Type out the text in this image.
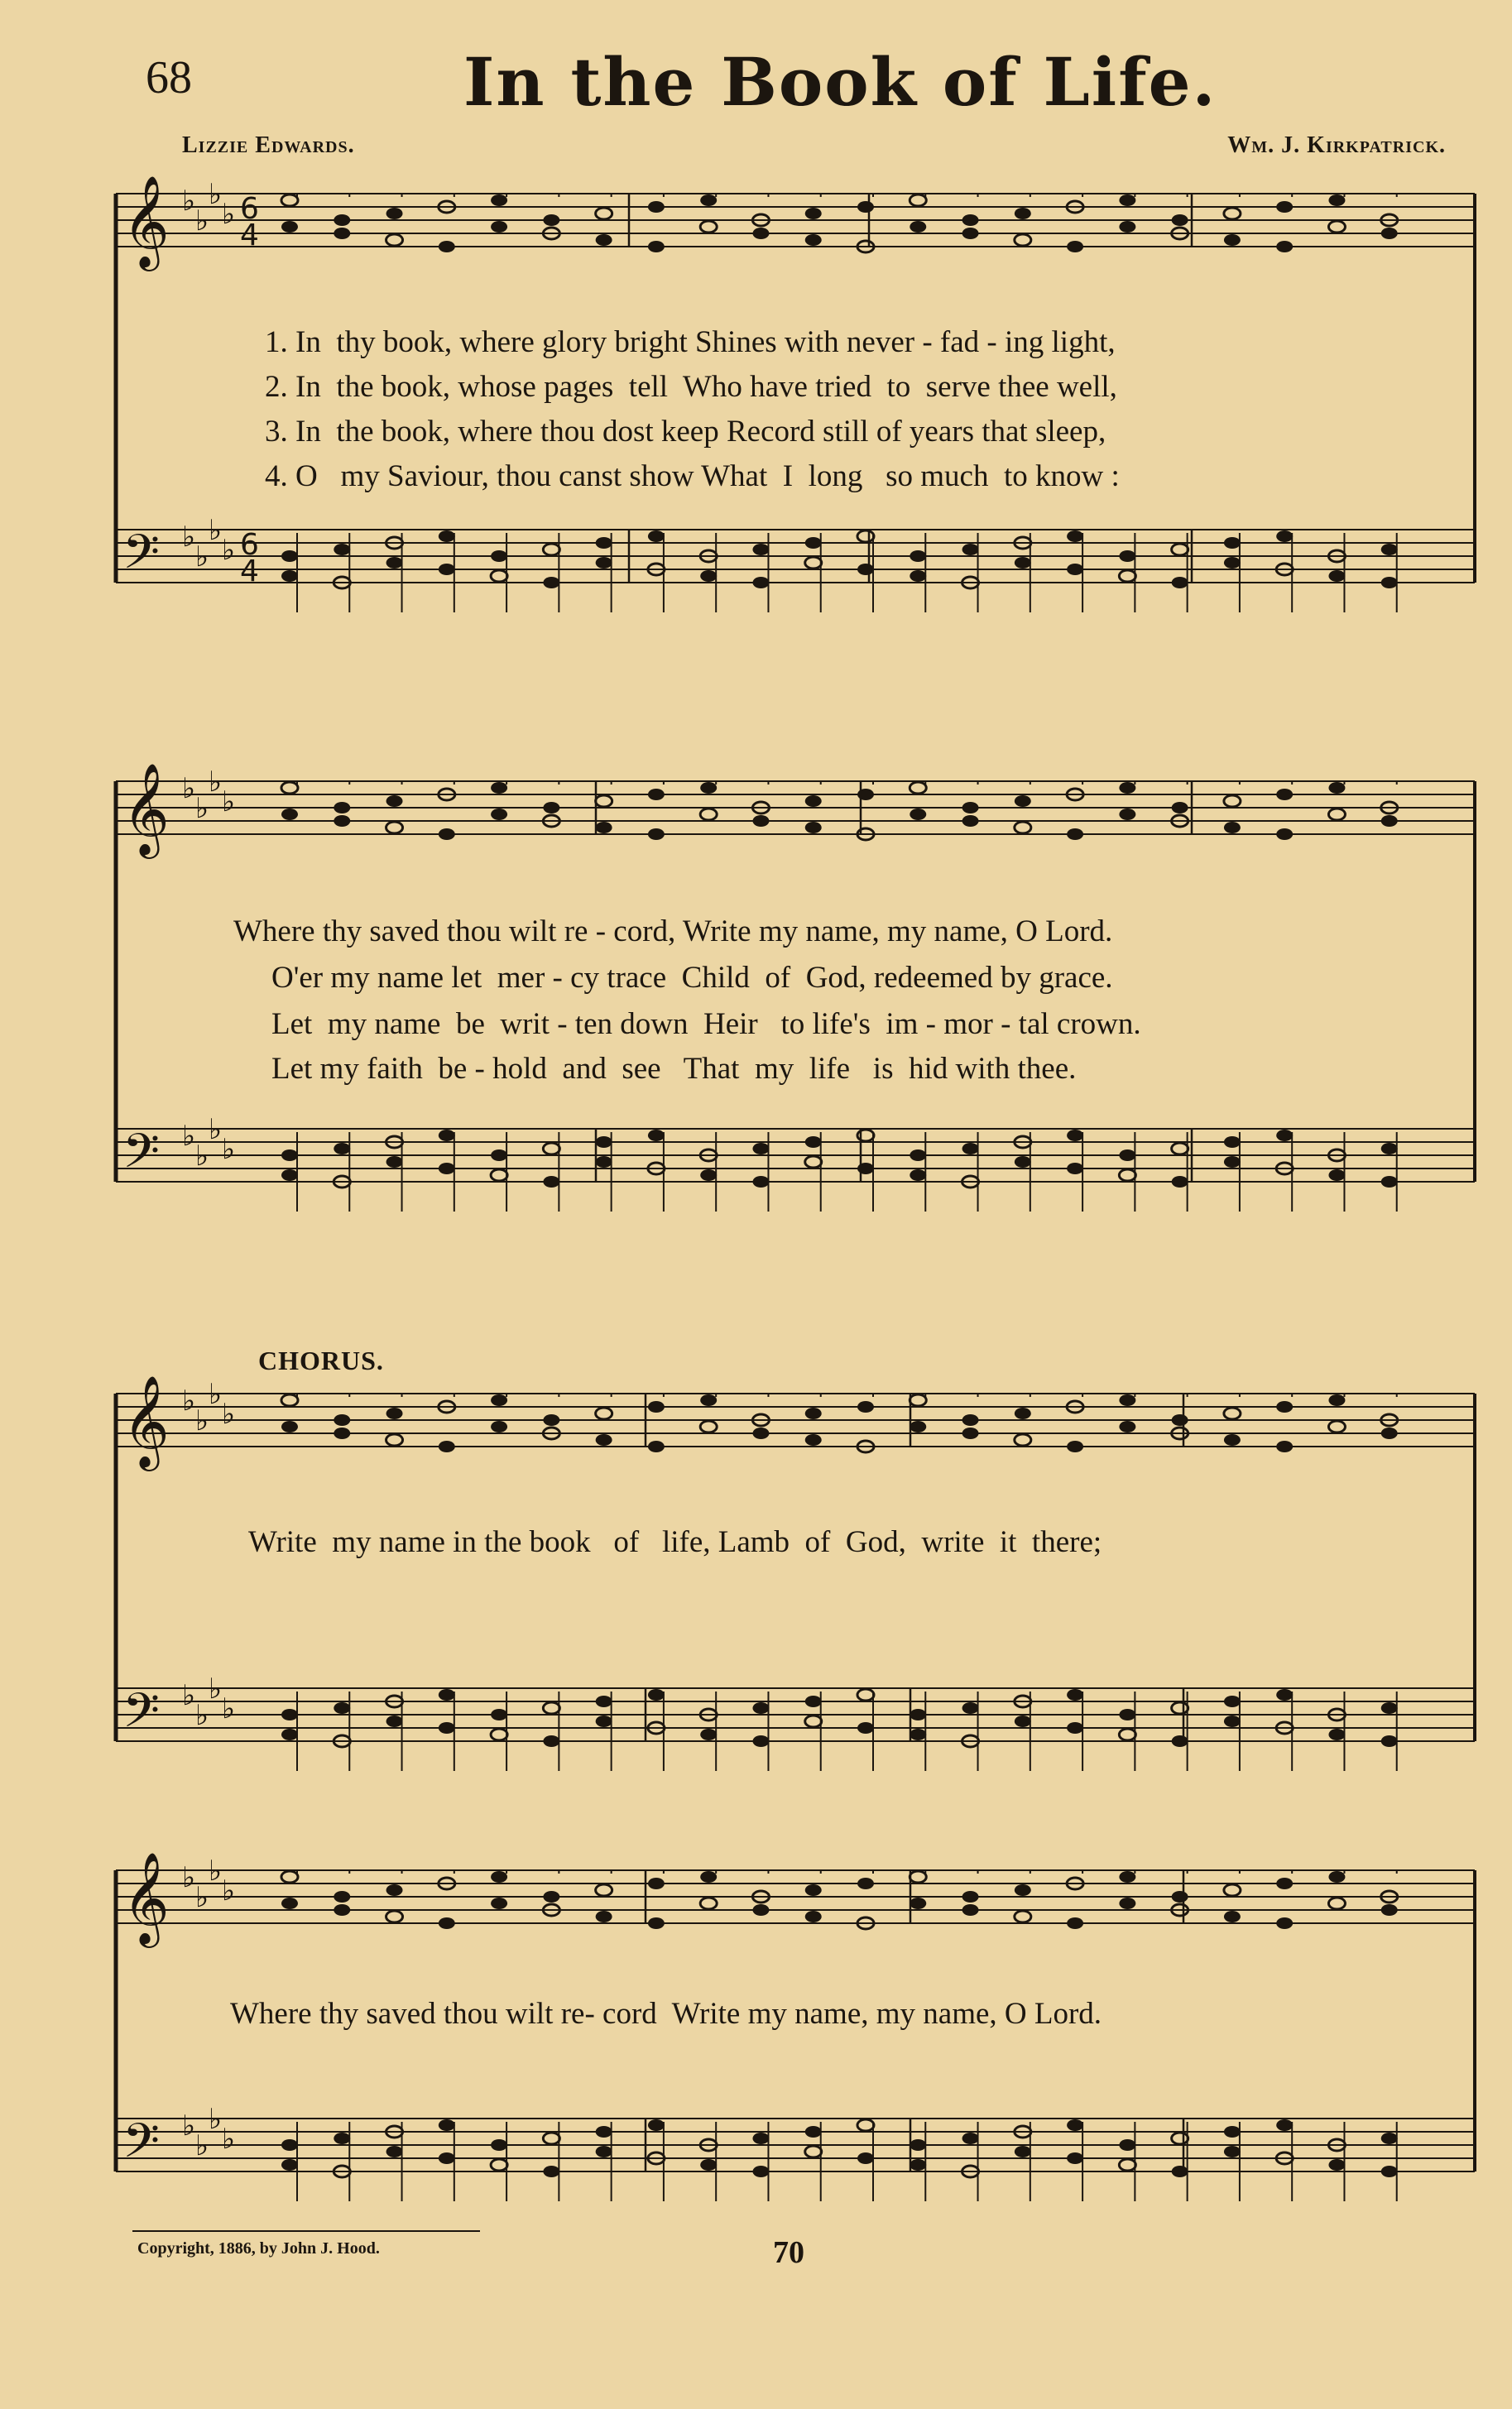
68	In the Book of Life.
Lizzie Edwards.	Wm. J. Kirkpatrick.
𝄞 ♭
♭
♭
♭ 6
4
𝄢 ♭
♭
♭
♭ 6
4
𝄞 ♭
♭
♭
♭
𝄢 ♭
♭
♭
♭
𝄞 ♭
♭
♭
♭
𝄢 ♭
♭
♭
♭
𝄞 ♭
♭
♭
♭
𝄢 ♭
♭
♭
♭
1. In  thy book, where glory bright Shines with never - fad - ing light,
2. In  the book, whose pages  tell  Who have tried  to  serve thee well,
3. In  the book, where thou dost keep Record still of years that sleep,
4. O   my Saviour, thou canst show What  I  long   so much  to know :
Where thy saved thou wilt re - cord, Write my name, my name, O Lord.
O'er my name let  mer - cy trace  Child  of  God, redeemed by grace.
Let  my name  be  writ - ten down  Heir   to life's  im - mor - tal crown.
Let my faith  be - hold  and  see   That  my  life   is  hid with thee.
CHORUS.
Write  my name in the book   of   life, Lamb  of  God,  write  it  there;
Where thy saved thou wilt re- cord  Write my name, my name, O Lord.
Copyright, 1886, by John J. Hood.	70
